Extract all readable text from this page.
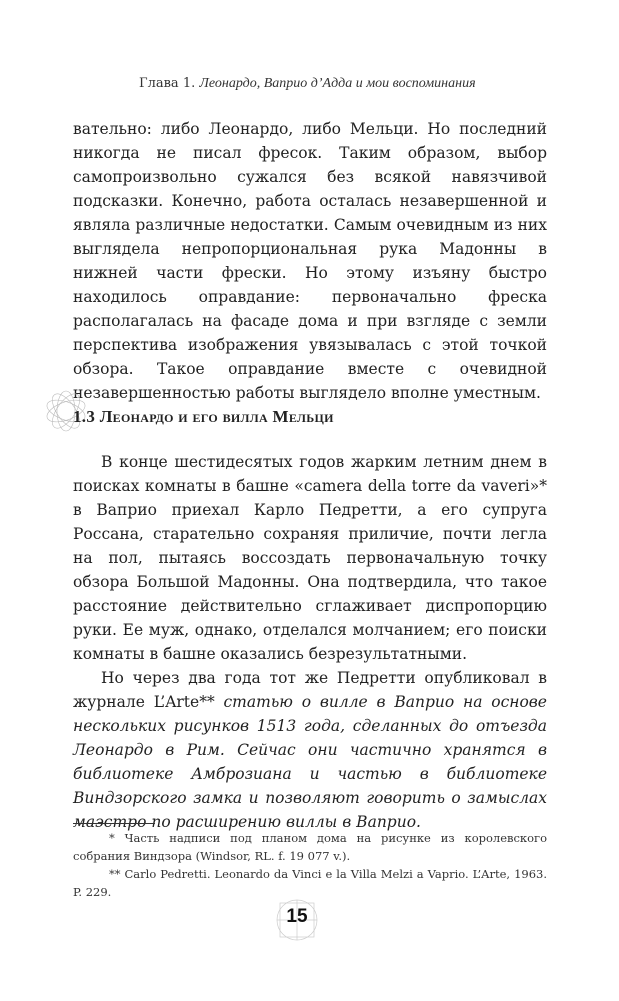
Глава 1. Леонардо, Ваприо д’Адда и мои воспоминания

вательно: либо Леонардо, либо Мельци. Но последний никогда не писал фресок. Таким образом, выбор самопроизвольно сужался без всякой навязчивой подсказки. Конечно, работа осталась незавершенной и являла различные недостатки. Самым очевидным из них выглядела непропорциональная рука Мадонны в нижней части фрески. Но этому изъяну быстро находилось оправдание: первоначально фреска располагалась на фасаде дома и при взгляде с земли перспектива изображения увязывалась с этой точкой обзора. Такое оправдание вместе с очевидной незавершенностью работы выглядело вполне уместным.

1.3 Леонардо и его вилла Мельци

В конце шестидесятых годов жарким летним днем в поисках комнаты в башне «camera della torre da vaveri»* в Ваприо приехал Карло Педретти, а его супруга Россана, старательно сохраняя приличие, почти легла на пол, пытаясь воссоздать первоначальную точку обзора Большой Мадонны. Она подтвердила, что такое расстояние действительно сглаживает диспропорцию руки. Ее муж, однако, отделался молчанием; его поиски комнаты в башне оказались безрезультатными.

Но через два года тот же Педретти опубликовал в журнале L’Arte** статью о вилле в Ваприо на основе нескольких рисунков 1513 года, сделанных до отъезда Леонардо в Рим. Сейчас они частично хранятся в библиотеке Амброзиана и частью в библиотеке Виндзорского замка и позволяют говорить о замыслах маэстро по расширению виллы в Ваприо.

* Часть надписи под планом дома на рисунке из королевского собрания Виндзора (Windsor, RL. f. 19 077 v.).

** Carlo Pedretti. Leonardo da Vinci e la Villa Melzi a Vaprio. L’Arte, 1963. P. 229.

15
